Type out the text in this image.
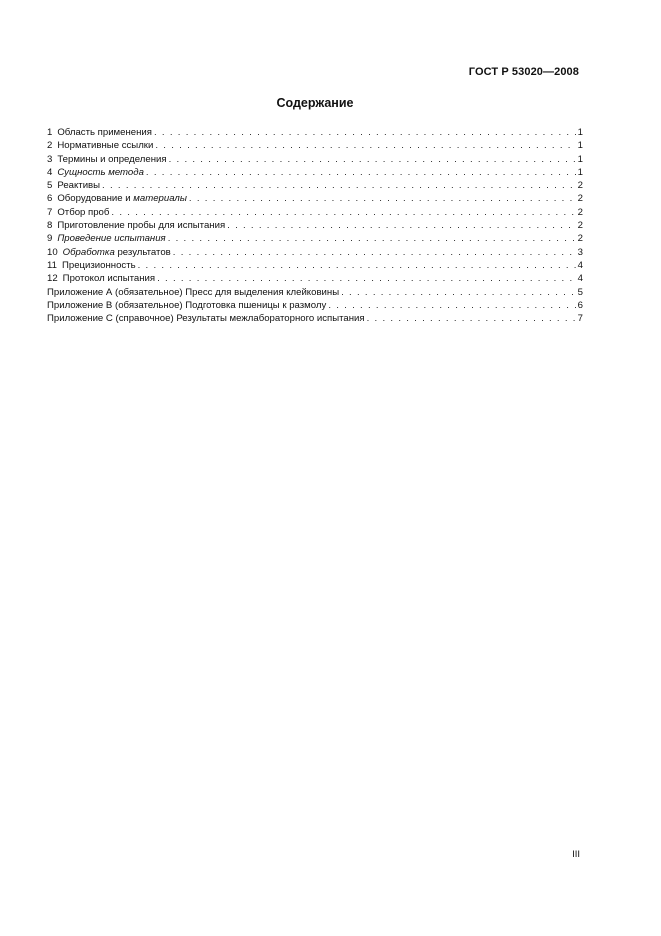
ГОСТ Р 53020—2008
Содержание
1 Область применения . . .	1
2 Нормативные ссылки . . .	1
3 Термины и определения . . .	1
4 Сущность метода . . .	1
5 Реактивы . . .	2
6 Оборудование и материалы . . .	2
7 Отбор проб . . .	2
8 Приготовление пробы для испытания . . .	2
9 Проведение испытания . . .	2
10 Обработка результатов . . .	3
11 Прецизионность . . .	4
12 Протокол испытания . . .	4
Приложение А (обязательное) Пресс для выделения клейковины . . .	5
Приложение В (обязательное) Подготовка пшеницы к размолу . . .	6
Приложение С (справочное) Результаты межлабораторного испытания . . .	7
III
